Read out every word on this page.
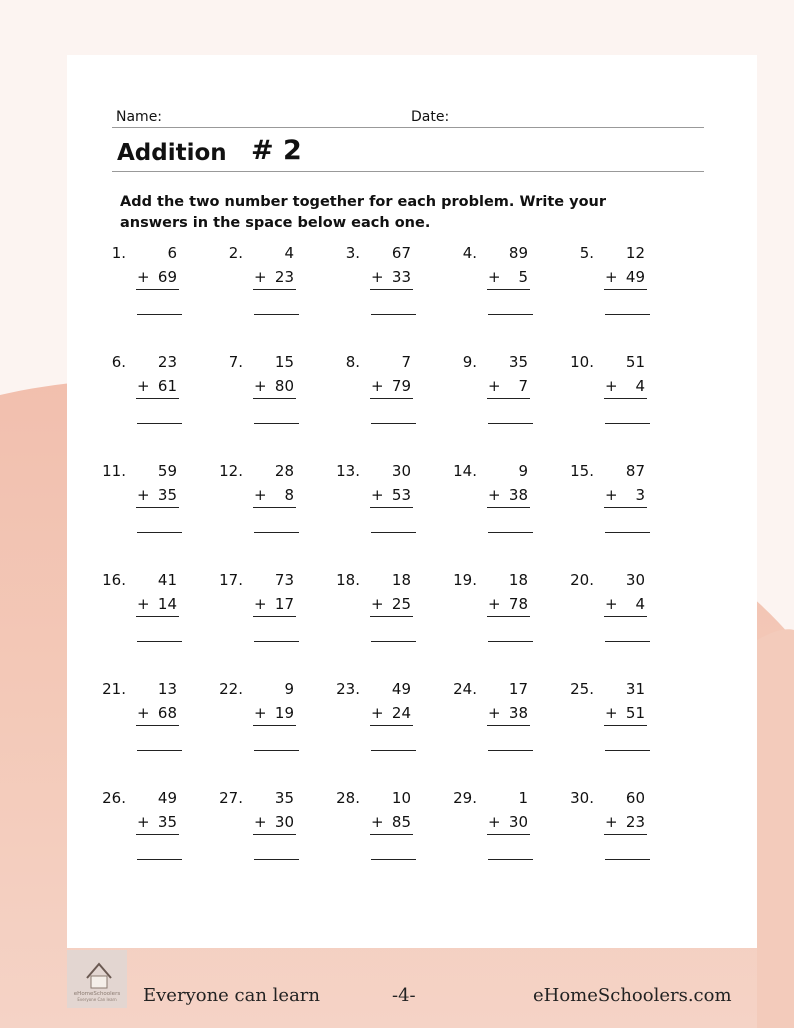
Name:	Date:
Addition # 2
Add the two number together for each problem. Write your answers in the space below each one.
1.	6
+ 69
2.	4
+ 23
3.	67
+ 33
4.	89
+	5
5.	12
+ 49
6.	23
+ 61
7.	15
+ 80
8.	7
+ 79
9.	35
+	7
10.	51
+	4
11.	59
+ 35
12.	28
+	8
13.	30
+ 53
14.	9
+ 38
15.	87
+	3
16.	41
+ 14
17.	73
+ 17
18.	18
+ 25
19.	18
+ 78
20.	30
+	4
21.	13
+ 68
22.	9
+ 19
23.	49
+ 24
24.	17
+ 38
25.	31
+ 51
26.	49
+ 35
27.	35
+ 30
28.	10
+ 85
29.	1
+ 30
30.	60
+ 23
eHomeSchoolers
Everyone Can learn Everyone can learn	-4-	eHomeSchoolers.com
